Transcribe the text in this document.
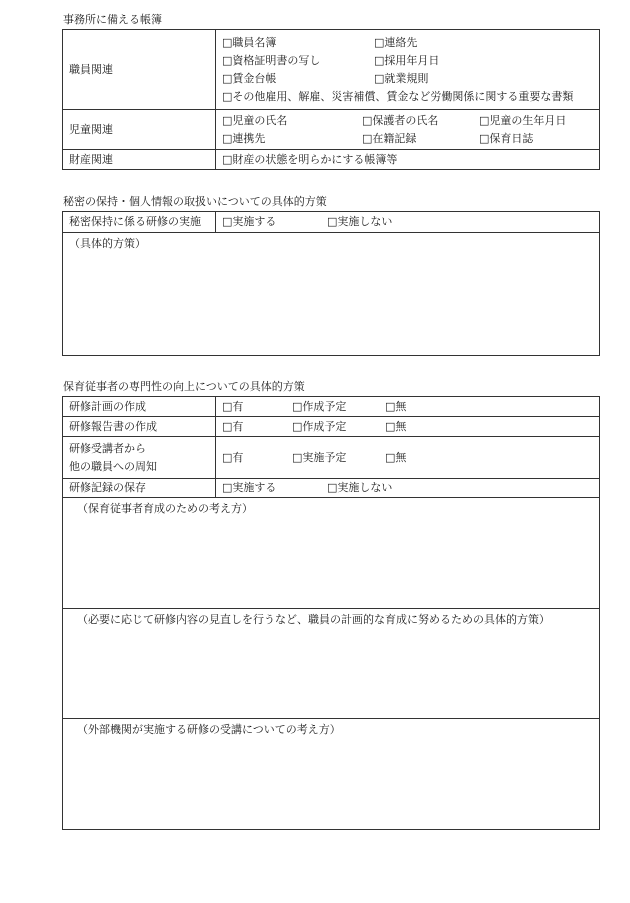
事務所に備える帳簿
職員関連	□職員名簿 □連絡先
□資格証明書の写し □採用年月日
□賃金台帳 □就業規則
□その他雇用、解雇、災害補償、賃金など労働関係に関する重要な書類

児童関連	□児童の氏名 □保護者の氏名 □児童の生年月日
□連携先 □在籍記録 □保育日誌

財産関連	□財産の状態を明らかにする帳簿等
秘密の保持・個人情報の取扱いについての具体的方策
秘密保持に係る研修の実施	□実施する	□実施しない

（具体的方策）
保育従事者の専門性の向上についての具体的方策
研修計画の作成	□有 □作成予定 □無
研修報告書の作成	□有 □作成予定 □無

研修受講者から
他の職員への周知	□有 □実施予定 □無
研修記録の保存	□実施する □実施しない

（保育従事者育成のための考え方）	

（必要に応じて研修内容の見直しを行うなど、職員の計画的な育成に努めるための具体的方策）	

（外部機関が実施する研修の受講についての考え方）	
